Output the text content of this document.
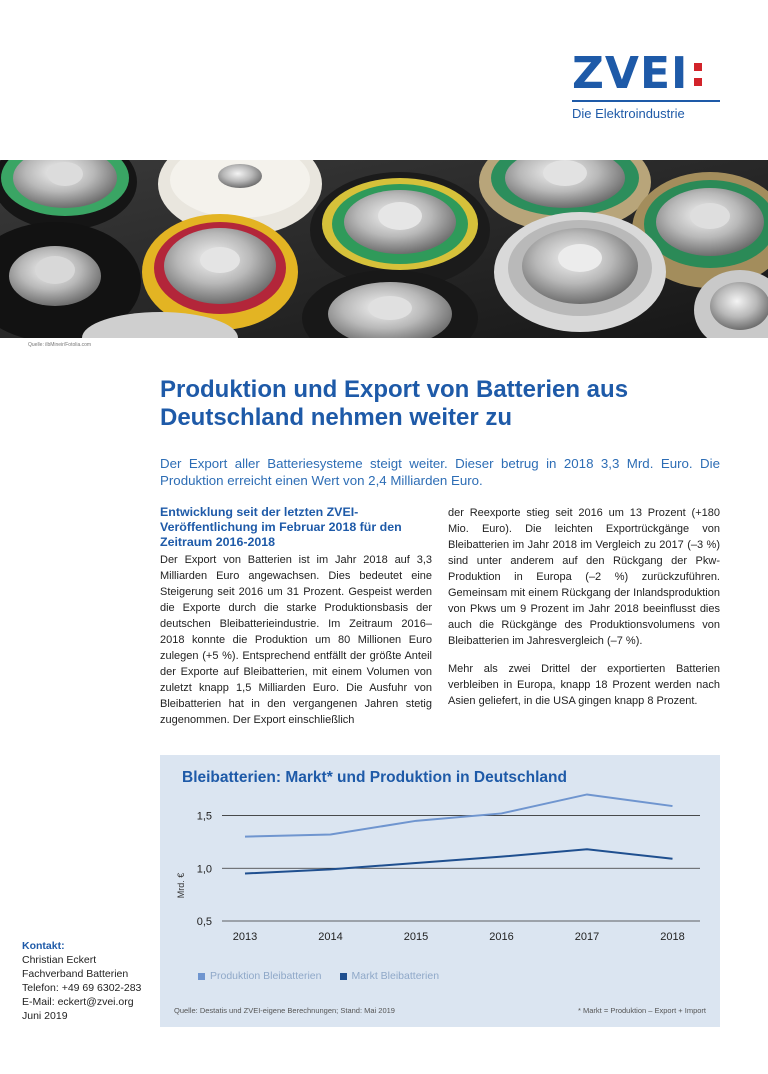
ZVEI
Die Elektroindustrie
Quelle: ilbMineir/Fotolia.com
Produktion und Export von Batterien aus Deutschland nehmen weiter zu

Der Export aller Batteriesysteme steigt weiter. Dieser betrug in 2018 3,3 Mrd. Euro. Die Produktion erreicht einen Wert von 2,4 Milliarden Euro.

Entwicklung seit der letzten ZVEI-Veröffentlichung im Februar 2018 für den Zeitraum 2016-2018

Der Export von Batterien ist im Jahr 2018 auf 3,3 Milliarden Euro angewachsen. Dies bedeutet eine Steigerung seit 2016 um 31 Prozent. Gespeist werden die Exporte durch die starke Produktionsbasis der deutschen Bleibatterieindustrie. Im Zeitraum 2016–2018 konnte die Produktion um 80 Millionen Euro zulegen (+5 %). Entsprechend entfällt der größte Anteil der Exporte auf Bleibatterien, mit einem Volumen von zuletzt knapp 1,5 Milliarden Euro. Die Ausfuhr von Bleibatterien hat in den vergangenen Jahren stetig zugenommen. Der Export einschließlich

der Reexporte stieg seit 2016 um 13 Prozent (+180 Mio. Euro). Die leichten Exportrückgänge von Bleibatterien im Jahr 2018 im Vergleich zu 2017 (–3 %) sind unter anderem auf den Rückgang der Pkw-Produktion in Europa (–2 %) zurückzuführen. Gemeinsam mit einem Rückgang der Inlandsproduktion von Pkws um 9 Prozent im Jahr 2018 beeinflusst dies auch die Rückgänge des Produktionsvolumens von Bleibatterien im Jahresvergleich (–7 %).

Mehr als zwei Drittel der exportierten Batterien verbleiben in Europa, knapp 18 Prozent werden nach Asien geliefert, in die USA gingen knapp 8 Prozent.

Bleibatterien: Markt* und Produktion in Deutschland
0,5
1,0
1,5
Mrd. €
2013	2014	2015	2016	2017	2018
Produktion Bleibatterien	Markt Bleibatterien
Quelle: Destatis und ZVEI-eigene Berechnungen; Stand: Mai 2019	* Markt = Produktion – Export + Import
Kontakt:
Christian Eckert
Fachverband Batterien
Telefon: +49 69 6302-283
E-Mail: eckert@zvei.org
Juni 2019
